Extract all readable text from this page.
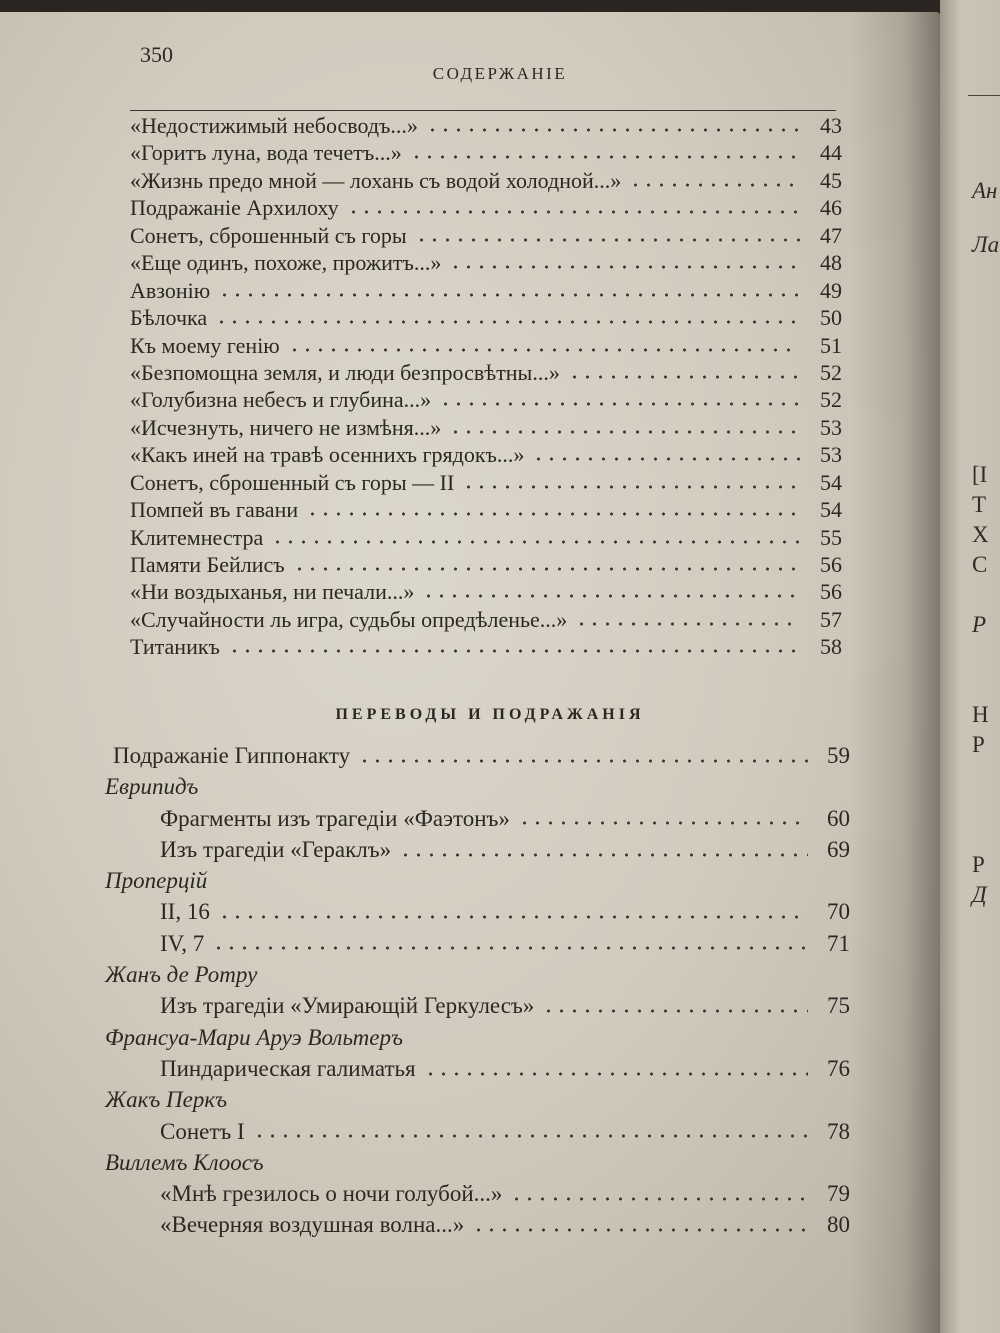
350
СОДЕРЖАНІЕ
«Недостижимый небосводъ...»	43
«Горитъ луна, вода течетъ...»	44
«Жизнь предо мной — лохань съ водой холодной...»	45
Подражаніе Архилоху	46
Сонетъ, сброшенный съ горы	47
«Еще одинъ, похоже, прожитъ...»	48
Авзонію	49
Бѣлочка	50
Къ моему генію	51
«Безпомощна земля, и люди безпросвѣтны...»	52
«Голубизна небесъ и глубина...»	52
«Исчезнуть, ничего не измѣня...»	53
«Какъ иней на травѣ осеннихъ грядокъ...»	53
Сонетъ, сброшенный съ горы — II	54
Помпей въ гавани	54
Клитемнестра	55
Памяти Бейлисъ	56
«Ни воздыханья, ни печали...»	56
«Случайности ль игра, судьбы опредѣленье...»	57
Титаникъ	58
ПЕРЕВОДЫ И ПОДРАЖАНІЯ
Подражаніе Гиппонакту	59
Еврипидъ
Фрагменты изъ трагедіи «Фаэтонъ»	60
Изъ трагедіи «Гераклъ»	69
Проперцій
II, 16	70
IV, 7	71
Жанъ де Ротру
Изъ трагедіи «Умирающій Геркулесъ»	75
Франсуа-Мари Аруэ Вольтеръ
Пиндарическая галиматья	76
Жакъ Перкъ
Сонетъ I	78
Виллемъ Клоосъ
«Мнѣ грезилось о ночи голубой...»	79
«Вечерняя воздушная волна...»	80
Ан
Ла
[I
Т
Х
С
Р
Н
Р
Р
Д
